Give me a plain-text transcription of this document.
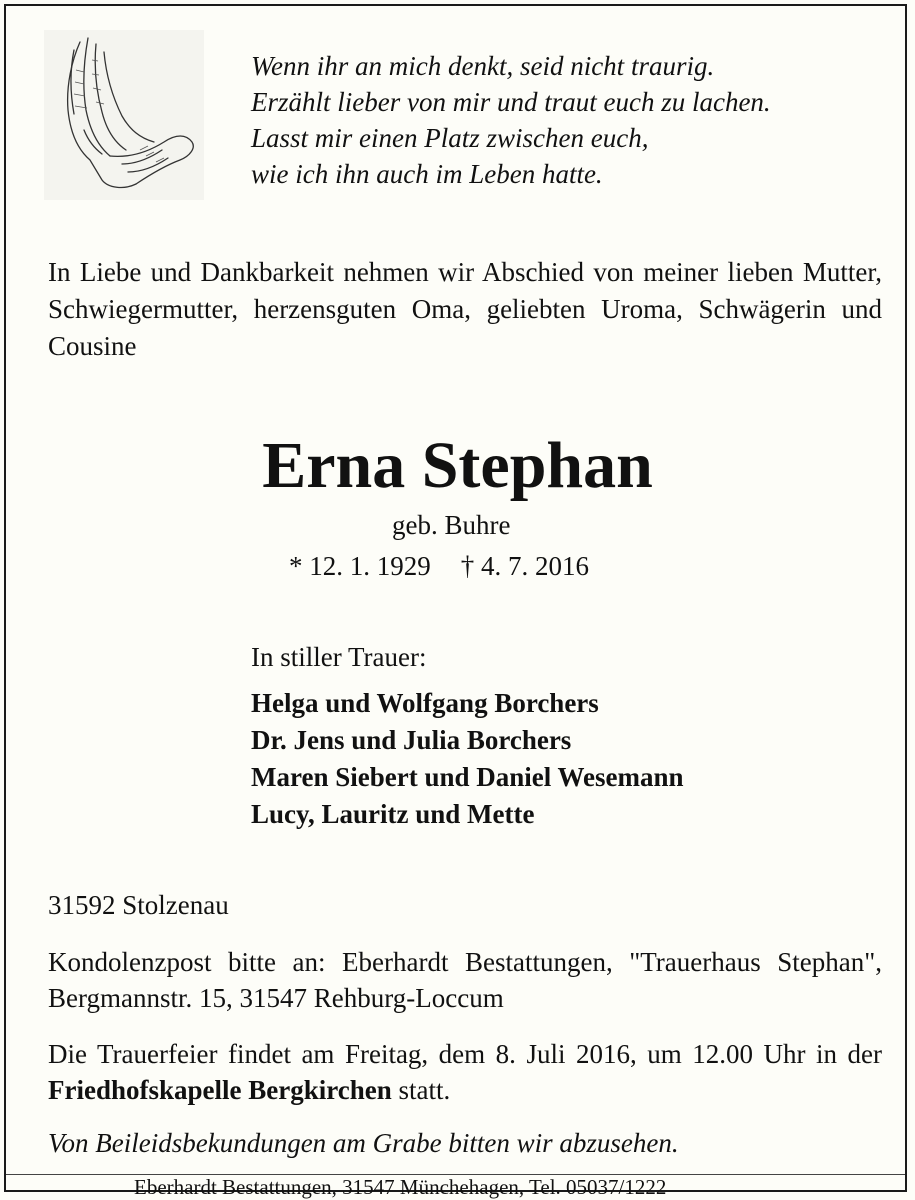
Wenn ihr an mich denkt, seid nicht traurig.
Erzählt lieber von mir und traut euch zu lachen.
Lasst mir einen Platz zwischen euch,
wie ich ihn auch im Leben hatte.
In Liebe und Dankbarkeit nehmen wir Abschied von meiner lieben Mutter, Schwiegermutter, herzensguten Oma, geliebten Uroma, Schwägerin und Cousine
Erna Stephan
geb. Buhre
* 12. 1. 1929 † 4. 7. 2016
In stiller Trauer:
Helga und Wolfgang Borchers
Dr. Jens und Julia Borchers
Maren Siebert und Daniel Wesemann
Lucy, Lauritz und Mette
31592 Stolzenau
Kondolenzpost bitte an: Eberhardt Bestattungen, "Trauerhaus Stephan", Bergmannstr. 15, 31547 Rehburg-Loccum
Die Trauerfeier findet am Freitag, dem 8. Juli 2016, um 12.00 Uhr in der Friedhofskapelle Bergkirchen statt.
Von Beileidsbekundungen am Grabe bitten wir abzusehen.
Eberhardt Bestattungen, 31547 Münchehagen, Tel. 05037/1222
